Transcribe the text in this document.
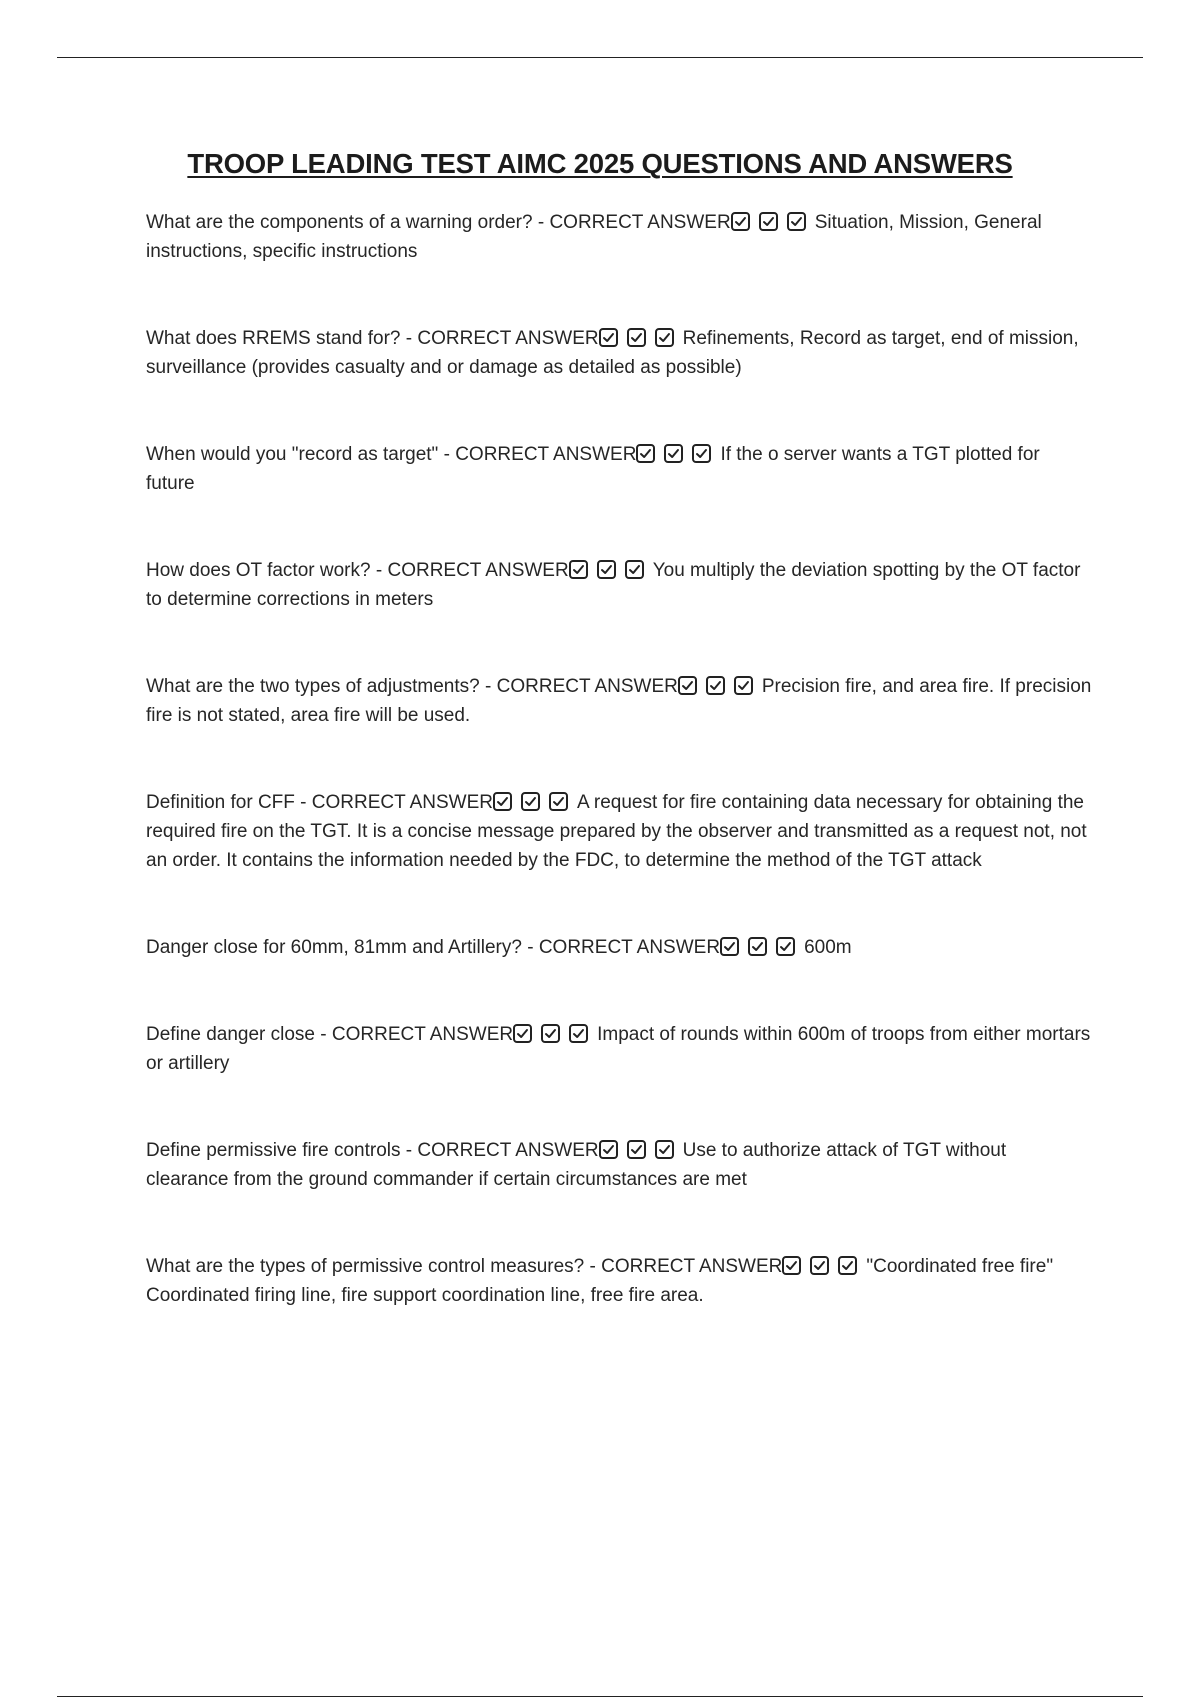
TROOP LEADING TEST AIMC 2025 QUESTIONS AND ANSWERS

What are the components of a warning order? - CORRECT ANSWER	Situation, Mission, General instructions, specific instructions

What does RREMS stand for? - CORRECT ANSWER	Refinements, Record as target, end of mission, surveillance (provides casualty and or damage as detailed as possible)

When would you "record as target" - CORRECT ANSWER	If the o server wants a TGT plotted for future

How does OT factor work? - CORRECT ANSWER	You multiply the deviation spotting by the OT factor to determine corrections in meters

What are the two types of adjustments? - CORRECT ANSWER	Precision fire, and area fire. If precision fire is not stated, area fire will be used.

Definition for CFF - CORRECT ANSWER	A request for fire containing data necessary for obtaining the required fire on the TGT. It is a concise message prepared by the observer and transmitted as a request not, not an order. It contains the information needed by the FDC, to determine the method of the TGT attack

Danger close for 60mm, 81mm and Artillery? - CORRECT ANSWER	600m

Define danger close - CORRECT ANSWER	Impact of rounds within 600m of troops from either mortars or artillery

Define permissive fire controls - CORRECT ANSWER	Use to authorize attack of TGT without clearance from the ground commander if certain circumstances are met

What are the types of permissive control measures? - CORRECT ANSWER	"Coordinated free fire" Coordinated firing line, fire support coordination line, free fire area.
